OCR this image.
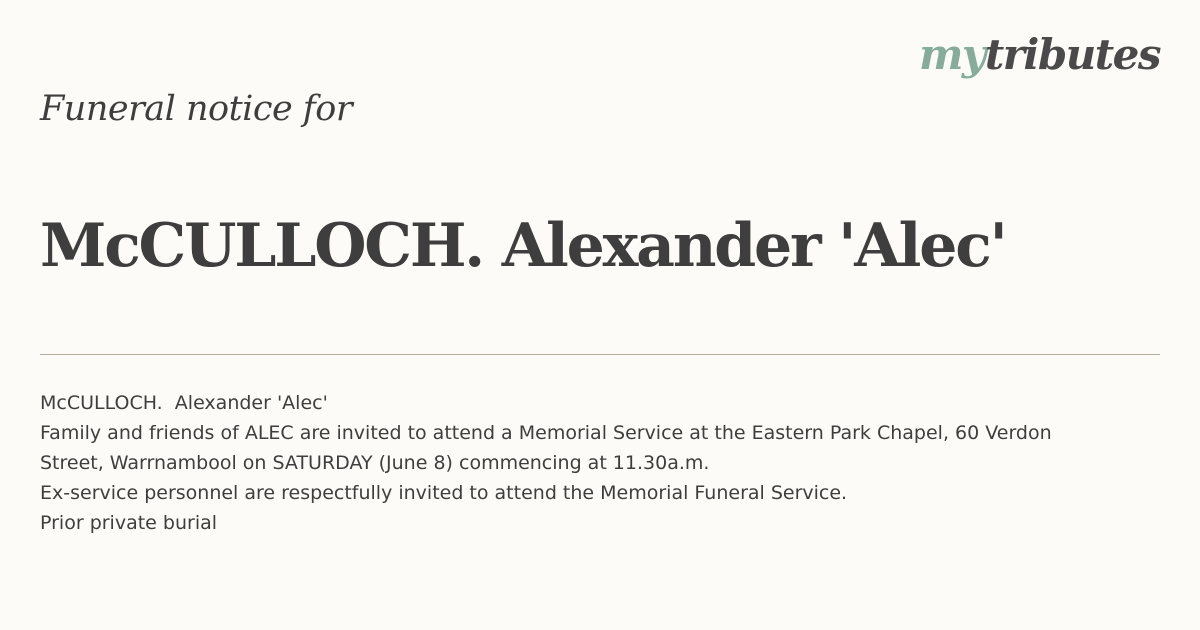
mytributes
Funeral notice for
McCULLOCH. Alexander 'Alec'

McCULLOCH.  Alexander 'Alec'

Family and friends of ALEC are invited to attend a Memorial Service at the Eastern Park Chapel, 60 Verdon Street, Warrnambool on SATURDAY (June 8) commencing at 11.30a.m.

Ex-service personnel are respectfully invited to attend the Memorial Funeral Service.

Prior private burial
